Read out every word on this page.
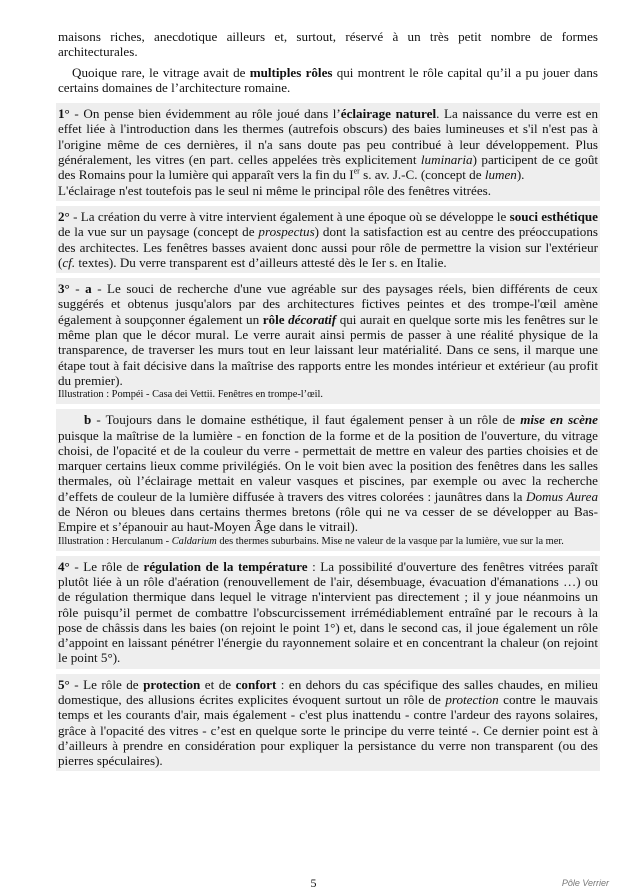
maisons riches, anecdotique ailleurs et, surtout, réservé à un très petit nombre de formes architecturales.

Quoique rare, le vitrage avait de multiples rôles qui montrent le rôle capital qu’il a pu jouer dans certains domaines de l’architecture romaine.

1° - On pense bien évidemment au rôle joué dans l’éclairage naturel. La naissance du verre est en effet liée à l'introduction dans les thermes (autrefois obscurs) des baies lumineuses et s'il n'est pas à l'origine même de ces dernières, il n'a sans doute pas peu contribué à leur développement. Plus généralement, les vitres (en part. celles appelées très explicitement luminaria) participent de ce goût des Romains pour la lumière qui apparaît vers la fin du Ier s. av. J.-C. (concept de lumen).

L'éclairage n'est toutefois pas le seul ni même le principal rôle des fenêtres vitrées.

2° - La création du verre à vitre intervient également à une époque où se développe le souci esthétique de la vue sur un paysage (concept de prospectus) dont la satisfaction est au centre des préoccupations des architectes. Les fenêtres basses avaient donc aussi pour rôle de permettre la vision sur l'extérieur (cf. textes). Du verre transparent est d’ailleurs attesté dès le Ier s. en Italie.

3° - a - Le souci de recherche d'une vue agréable sur des paysages réels, bien différents de ceux suggérés et obtenus jusqu'alors par des architectures fictives peintes et des trompe-l'œil amène également à soupçonner également un rôle décoratif qui aurait en quelque sorte mis les fenêtres sur le même plan que le décor mural. Le verre aurait ainsi permis de passer à une réalité physique de la transparence, de traverser les murs tout en leur laissant leur matérialité. Dans ce sens, il marque une étape tout à fait décisive dans la maîtrise des rapports entre les mondes intérieur et extérieur (au profit du premier).

Illustration : Pompéi - Casa dei Vettii. Fenêtres en trompe-l’œil.

b - Toujours dans le domaine esthétique, il faut également penser à un rôle de mise en scène puisque la maîtrise de la lumière - en fonction de la forme et de la position de l'ouverture, du vitrage choisi, de l'opacité et de la couleur du verre - permettait de mettre en valeur des parties choisies et de marquer certains lieux comme privilégiés. On le voit bien avec la position des fenêtres dans les salles thermales, où l’éclairage mettait en valeur vasques et piscines, par exemple ou avec la recherche d’effets de couleur de la lumière diffusée à travers des vitres colorées : jaunâtres dans la Domus Aurea de Néron ou bleues dans certains thermes bretons (rôle qui ne va cesser de se développer au Bas-Empire et s’épanouir au haut-Moyen Âge dans le vitrail).

Illustration : Herculanum - Caldarium des thermes suburbains. Mise ne valeur de la vasque par la lumière, vue sur la mer.

4° - Le rôle de régulation de la température : La possibilité d'ouverture des fenêtres vitrées paraît plutôt liée à un rôle d'aération (renouvellement de l'air, désembuage, évacuation d'émanations …) ou de régulation thermique dans lequel le vitrage n'intervient pas directement ; il y joue néanmoins un rôle puisqu’il permet de combattre l'obscurcissement irrémédiablement entraîné par le recours à la pose de châssis dans les baies (on rejoint le point 1°) et, dans le second cas, il joue également un rôle d’appoint en laissant pénétrer l'énergie du rayonnement solaire et en concentrant la chaleur (on rejoint le point 5°).

5° - Le rôle de protection et de confort : en dehors du cas spécifique des salles chaudes, en milieu domestique, des allusions écrites explicites évoquent surtout un rôle de protection contre le mauvais temps et les courants d'air, mais également - c'est plus inattendu - contre l'ardeur des rayons solaires, grâce à l'opacité des vitres - c’est en quelque sorte le principe du verre teinté -. Ce dernier point est à d’ailleurs à prendre en considération pour expliquer la persistance du verre non transparent (ou des pierres spéculaires).

5	Pôle Verrier
